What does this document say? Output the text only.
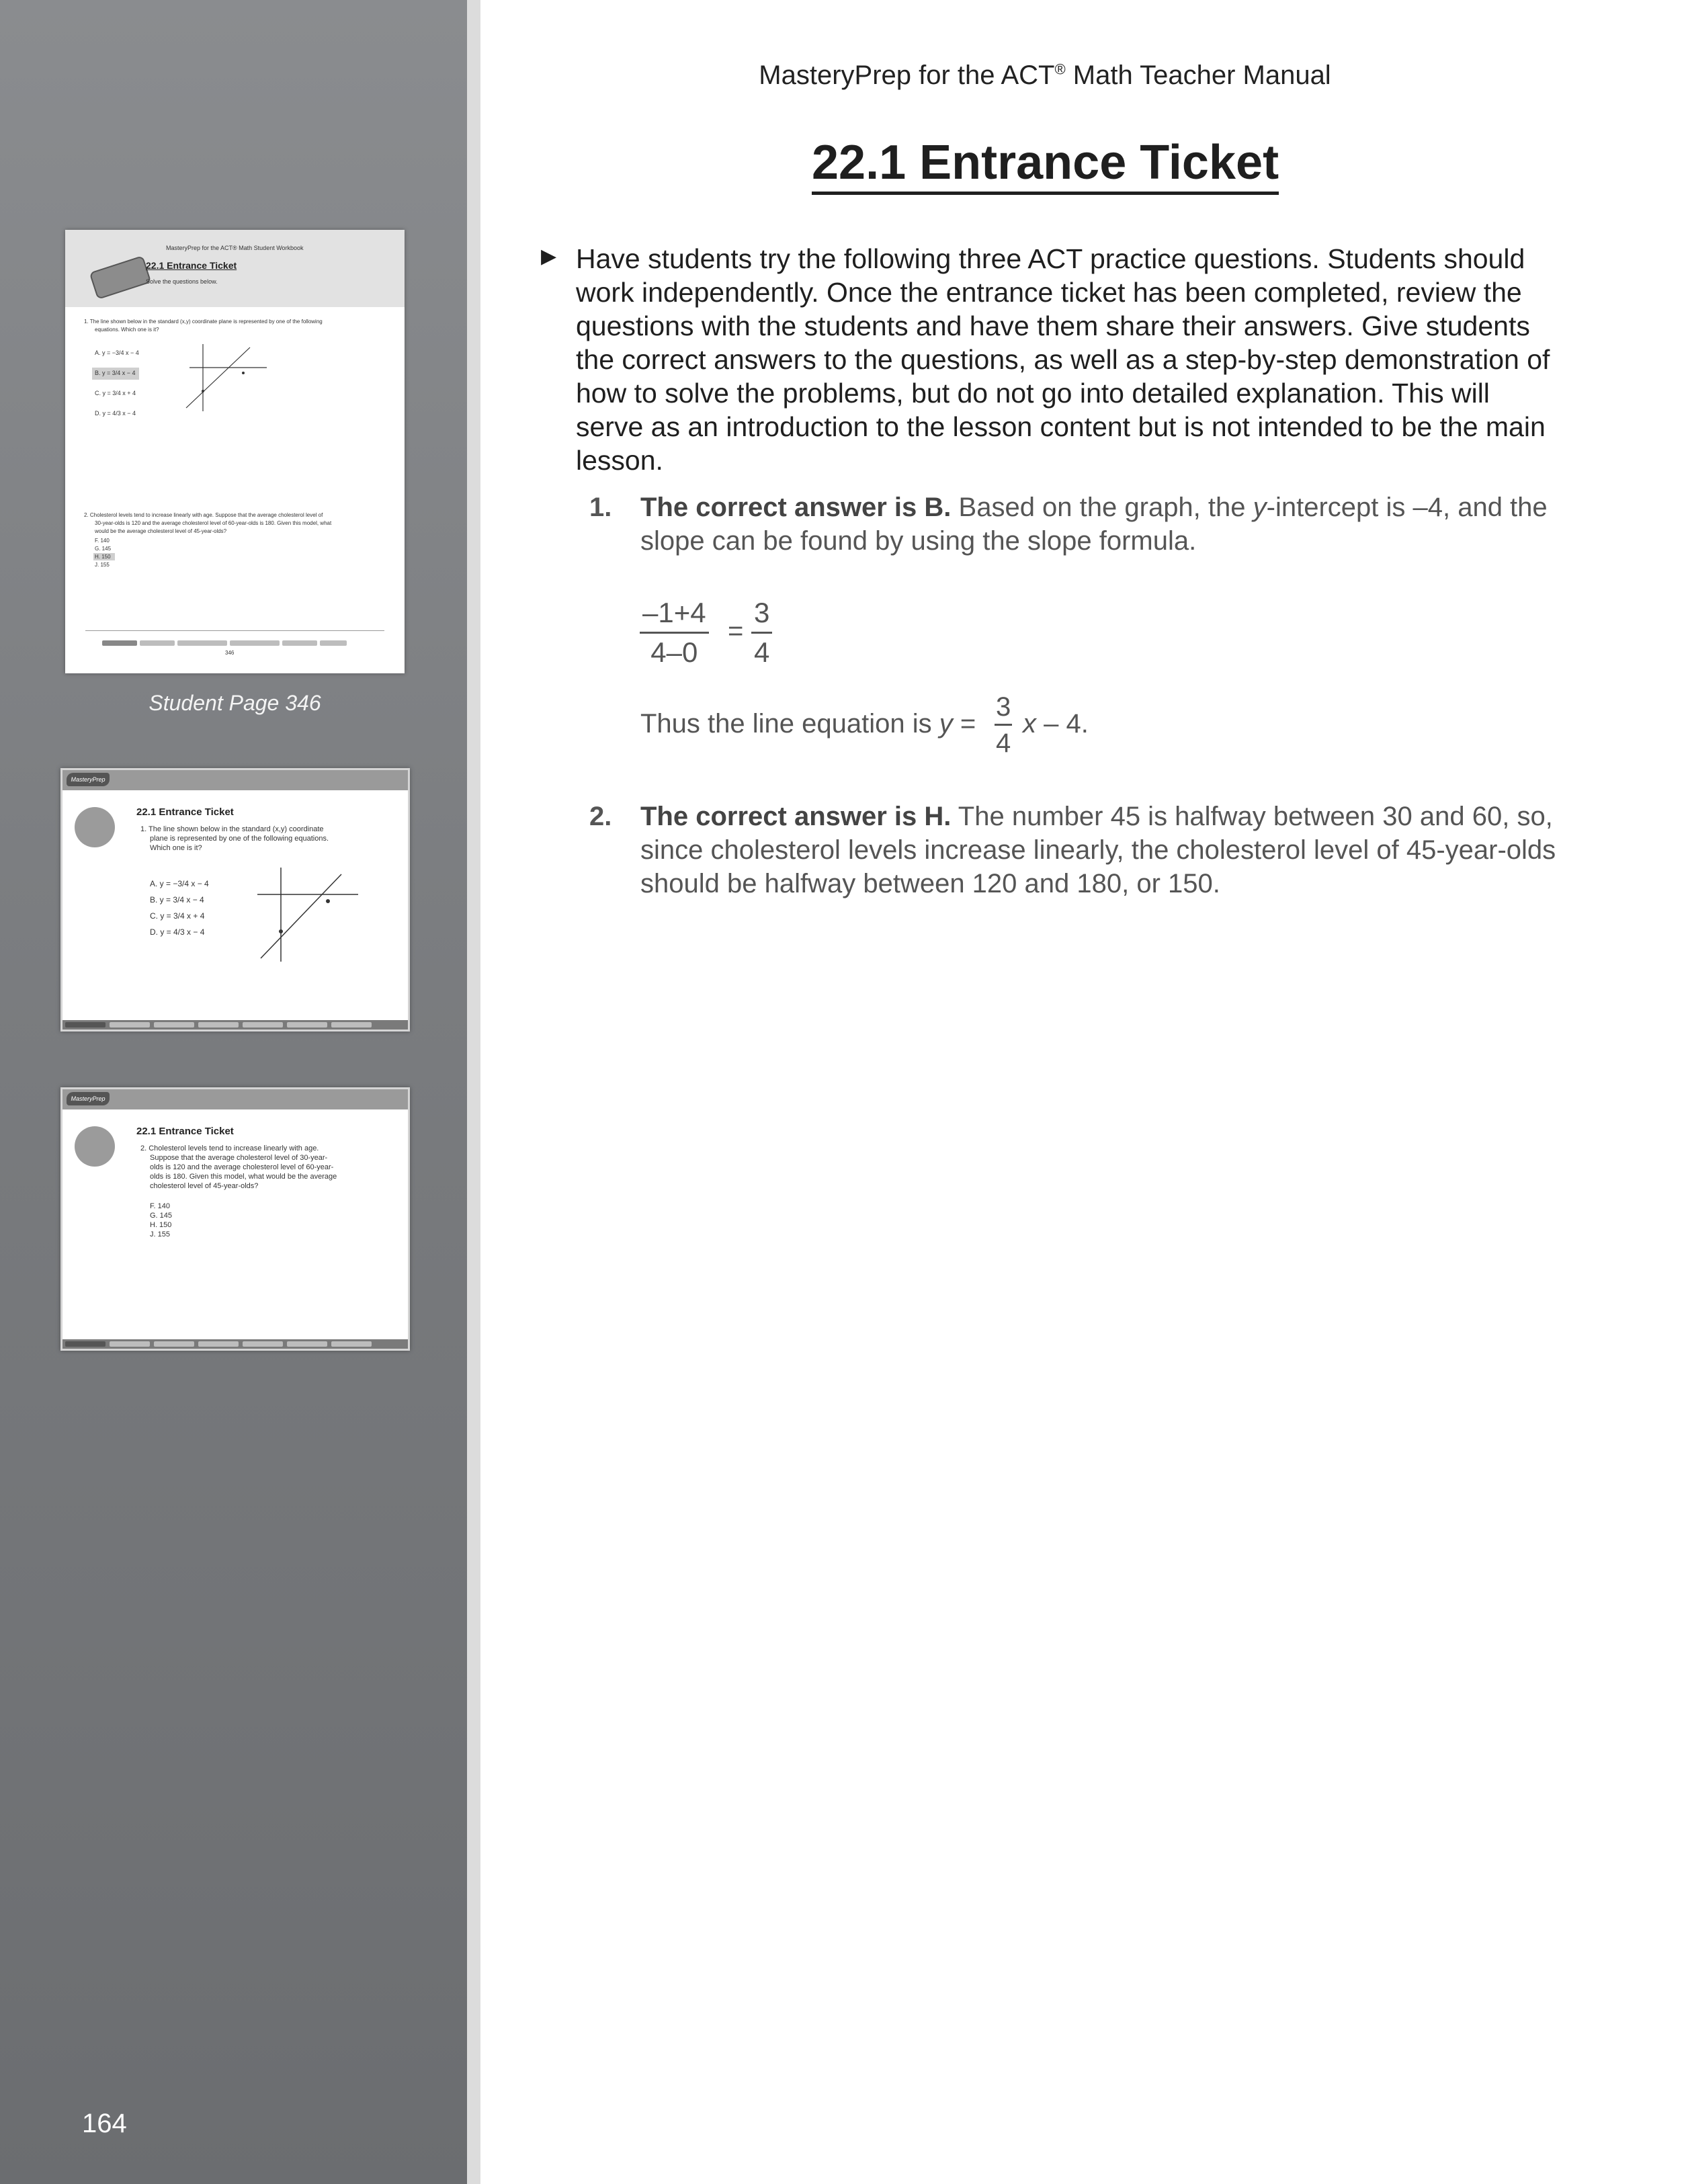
MasteryPrep for the ACT® Math Student Workbook
22.1 Entrance Ticket
Solve the questions below.
1. The line shown below in the standard (x,y) coordinate plane is represented by one of the following
equations. Which one is it?
A. y = −3/4 x − 4
B. y = 3/4 x − 4
C. y = 3/4 x + 4
D. y = 4/3 x − 4
2. Cholesterol levels tend to increase linearly with age. Suppose that the average cholesterol level of
30-year-olds is 120 and the average cholesterol level of 60-year-olds is 180. Given this model, what
would be the average cholesterol level of 45-year-olds?
F. 140
G. 145
H. 150
J. 155
346
Student Page 346
MasteryPrep
22.1 Entrance Ticket
1. The line shown below in the standard (x,y) coordinate
plane is represented by one of the following equations.
Which one is it?
A. y = −3/4 x − 4
B. y = 3/4 x − 4
C. y = 3/4 x + 4
D. y = 4/3 x − 4
MasteryPrep
22.1 Entrance Ticket
2. Cholesterol levels tend to increase linearly with age.
Suppose that the average cholesterol level of 30-year-
olds is 120 and the average cholesterol level of 60-year-
olds is 180. Given this model, what would be the average
cholesterol level of 45-year-olds?
F. 140
G. 145
H. 150
J. 155
164
MasteryPrep for the ACT® Math Teacher Manual
22.1 Entrance Ticket
▶ Have students try the following three ACT practice questions. Students should work independently. Once the entrance ticket has been completed, review the questions with the students and have them share their answers. Give students the correct answers to the questions, as well as a step-by-step demonstration of how to solve the problems, but do not go into detailed explanation. This will serve as an introduction to the lesson content but is not intended to be the main lesson.
1. The correct answer is B. Based on the graph, the y-intercept is –4, and the slope can be found by using the slope formula.
$\frac{-1+4}{4-0} = \frac{3}{4}$
Thus the line equation is $y = \frac{3}{4}$ x – 4.
2. The correct answer is H. The number 45 is halfway between 30 and 60, so, since cholesterol levels increase linearly, the cholesterol level of 45-year-olds should be halfway between 120 and 180, or 150.
